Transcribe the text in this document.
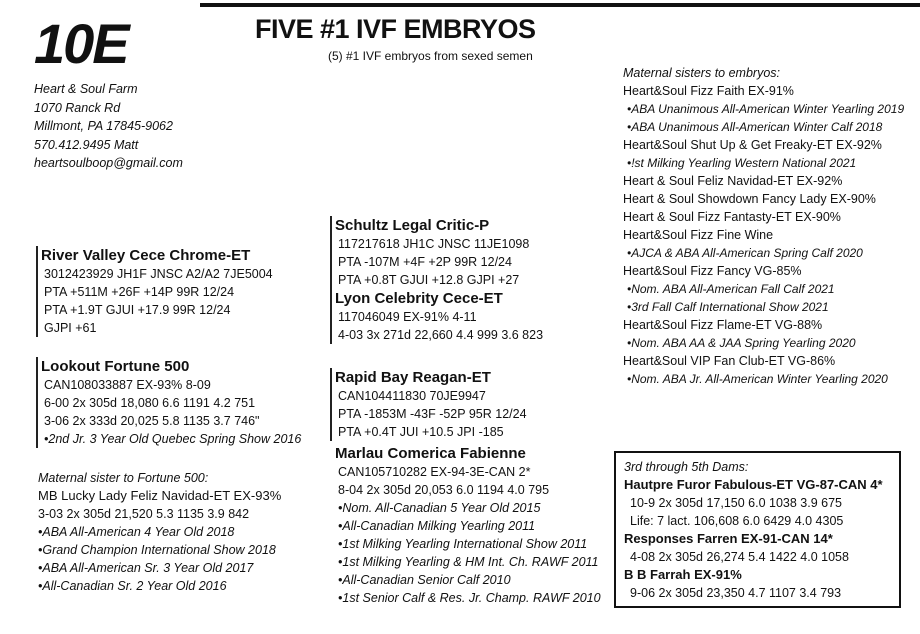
10E	FIVE #1 IVF EMBRYOS
(5) #1 IVF embryos from sexed semen
Heart & Soul Farm
1070 Ranck Rd
Millmont, PA 17845-9062
570.412.9495 Matt
heartsoulboop@gmail.com
Schultz Legal Critic-P
117217618 JH1C JNSC 11JE1098
PTA -107M +4F +2P 99R 12/24
PTA +0.8T GJUI +12.8 GJPI +27
Lyon Celebrity Cece-ET
117046049 EX-91% 4-11
4-03 3x 271d 22,660 4.4 999 3.6 823
River Valley Cece Chrome-ET
3012423929 JH1F JNSC A2/A2 7JE5004
PTA +511M +26F +14P 99R 12/24
PTA +1.9T GJUI +17.9 99R 12/24
GJPI +61
Lookout Fortune 500
CAN108033887 EX-93% 8-09
6-00 2x 305d 18,080 6.6 1191 4.2 751
3-06 2x 333d 20,025 5.8 1135 3.7 746"
•2nd Jr. 3 Year Old Quebec Spring Show 2016
Rapid Bay Reagan-ET
CAN104411830 70JE9947
PTA -1853M -43F -52P 95R 12/24
PTA +0.4T JUI +10.5 JPI -185
Marlau Comerica Fabienne
CAN105710282 EX-94-3E-CAN 2*
8-04 2x 305d 20,053 6.0 1194 4.0 795
•Nom. All-Canadian 5 Year Old 2015
•All-Canadian Milking Yearling 2011
•1st Milking Yearling International Show 2011
•1st Milking Yearling & HM Int. Ch. RAWF 2011
•All-Canadian Senior Calf 2010
•1st Senior Calf & Res. Jr. Champ. RAWF 2010
Maternal sister to Fortune 500:
MB Lucky Lady Feliz Navidad-ET EX-93%
3-03 2x 305d 21,520 5.3 1135 3.9 842
•ABA All-American 4 Year Old 2018
•Grand Champion International Show 2018
•ABA All-American Sr. 3 Year Old 2017
•All-Canadian Sr. 2 Year Old 2016
Maternal sisters to embryos:
Heart&Soul Fizz Faith EX-91%
•ABA Unanimous All-American Winter Yearling 2019
•ABA Unanimous All-American Winter Calf 2018
Heart&Soul Shut Up & Get Freaky-ET EX-92%
•!st Milking Yearling Western National 2021
Heart & Soul Feliz Navidad-ET EX-92%
Heart & Soul Showdown Fancy Lady EX-90%
Heart & Soul Fizz Fantasty-ET EX-90%
Heart&Soul Fizz Fine Wine
•AJCA & ABA All-American Spring Calf 2020
Heart&Soul Fizz Fancy VG-85%
•Nom. ABA All-American Fall Calf 2021
•3rd Fall Calf International Show 2021
Heart&Soul Fizz Flame-ET VG-88%
•Nom. ABA AA & JAA Spring Yearling 2020
Heart&Soul VIP Fan Club-ET VG-86%
•Nom. ABA Jr. All-American Winter Yearling 2020
3rd through 5th Dams:
Hautpre Furor Fabulous-ET VG-87-CAN 4*
10-9 2x 305d 17,150 6.0 1038 3.9 675
Life: 7 lact. 106,608 6.0 6429 4.0 4305
Responses Farren EX-91-CAN 14*
4-08 2x 305d 26,274 5.4 1422 4.0 1058
B B Farrah EX-91%
9-06 2x 305d 23,350 4.7 1107 3.4 793
